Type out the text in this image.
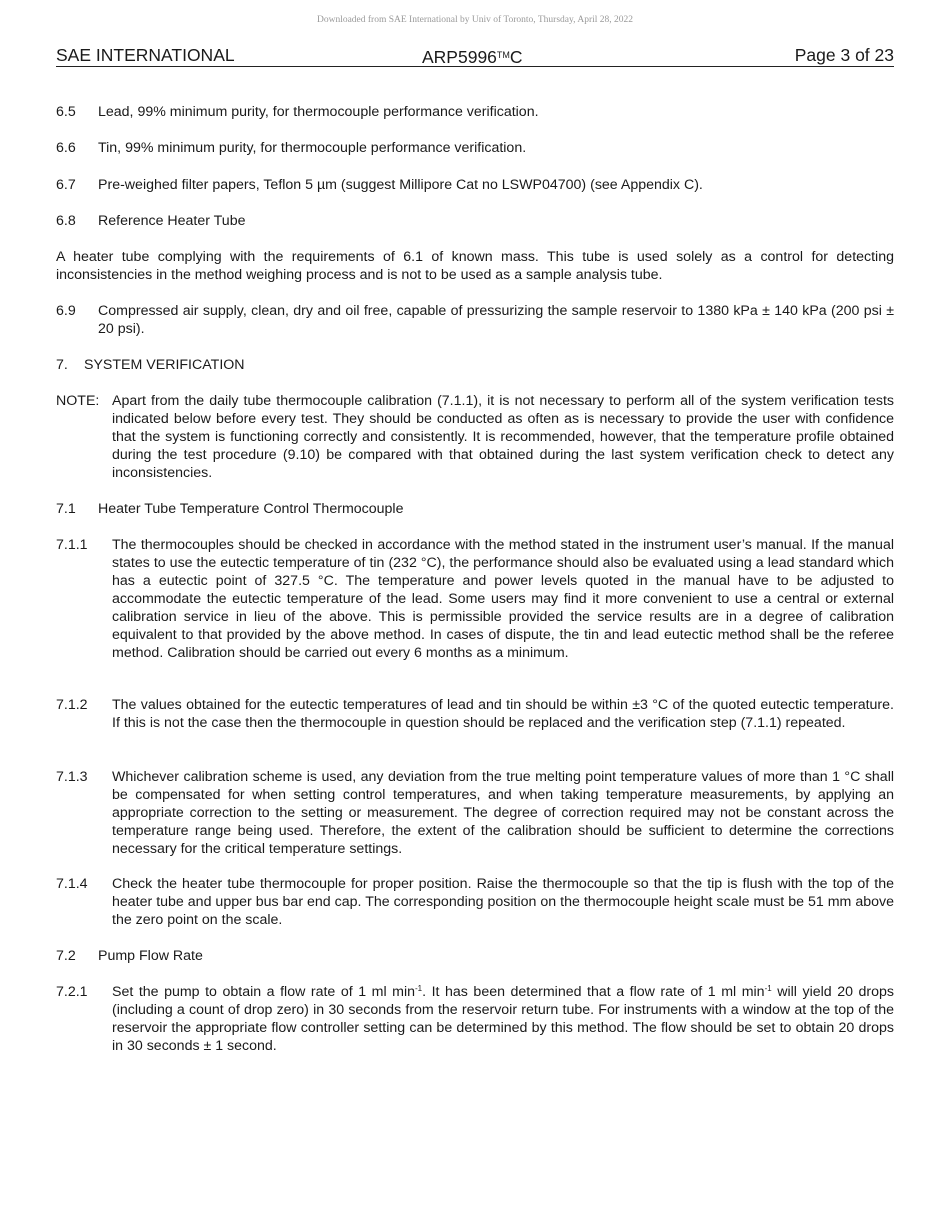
Downloaded from SAE International by Univ of Toronto, Thursday, April 28, 2022
SAE INTERNATIONAL	ARP5996™C	Page 3 of 23
6.5	Lead, 99% minimum purity, for thermocouple performance verification.
6.6	Tin, 99% minimum purity, for thermocouple performance verification.
6.7	Pre-weighed filter papers, Teflon 5 µm (suggest Millipore Cat no LSWP04700) (see Appendix C).
6.8	Reference Heater Tube
A heater tube complying with the requirements of 6.1 of known mass. This tube is used solely as a control for detecting inconsistencies in the method weighing process and is not to be used as a sample analysis tube.
6.9	Compressed air supply, clean, dry and oil free, capable of pressurizing the sample reservoir to 1380 kPa ± 140 kPa (200 psi ± 20 psi).
7.	SYSTEM VERIFICATION
NOTE: Apart from the daily tube thermocouple calibration (7.1.1), it is not necessary to perform all of the system verification tests indicated below before every test. They should be conducted as often as is necessary to provide the user with confidence that the system is functioning correctly and consistently. It is recommended, however, that the temperature profile obtained during the test procedure (9.10) be compared with that obtained during the last system verification check to detect any inconsistencies.
7.1	Heater Tube Temperature Control Thermocouple
7.1.1	The thermocouples should be checked in accordance with the method stated in the instrument user’s manual. If the manual states to use the eutectic temperature of tin (232 °C), the performance should also be evaluated using a lead standard which has a eutectic point of 327.5 °C. The temperature and power levels quoted in the manual have to be adjusted to accommodate the eutectic temperature of the lead. Some users may find it more convenient to use a central or external calibration service in lieu of the above. This is permissible provided the service results are in a degree of calibration equivalent to that provided by the above method. In cases of dispute, the tin and lead eutectic method shall be the referee method. Calibration should be carried out every 6 months as a minimum.
7.1.2	The values obtained for the eutectic temperatures of lead and tin should be within ±3 °C of the quoted eutectic temperature. If this is not the case then the thermocouple in question should be replaced and the verification step (7.1.1) repeated.
7.1.3	Whichever calibration scheme is used, any deviation from the true melting point temperature values of more than 1 °C shall be compensated for when setting control temperatures, and when taking temperature measurements, by applying an appropriate correction to the setting or measurement. The degree of correction required may not be constant across the temperature range being used. Therefore, the extent of the calibration should be sufficient to determine the corrections necessary for the critical temperature settings.
7.1.4	Check the heater tube thermocouple for proper position. Raise the thermocouple so that the tip is flush with the top of the heater tube and upper bus bar end cap. The corresponding position on the thermocouple height scale must be 51 mm above the zero point on the scale.
7.2	Pump Flow Rate
7.2.1	Set the pump to obtain a flow rate of 1 ml $\min^{-1}$. It has been determined that a flow rate of 1 ml $\min^{-1}$ will yield 20 drops (including a count of drop zero) in 30 seconds from the reservoir return tube. For instruments with a window at the top of the reservoir the appropriate flow controller setting can be determined by this method. The flow should be set to obtain 20 drops in 30 seconds ± 1 second.
